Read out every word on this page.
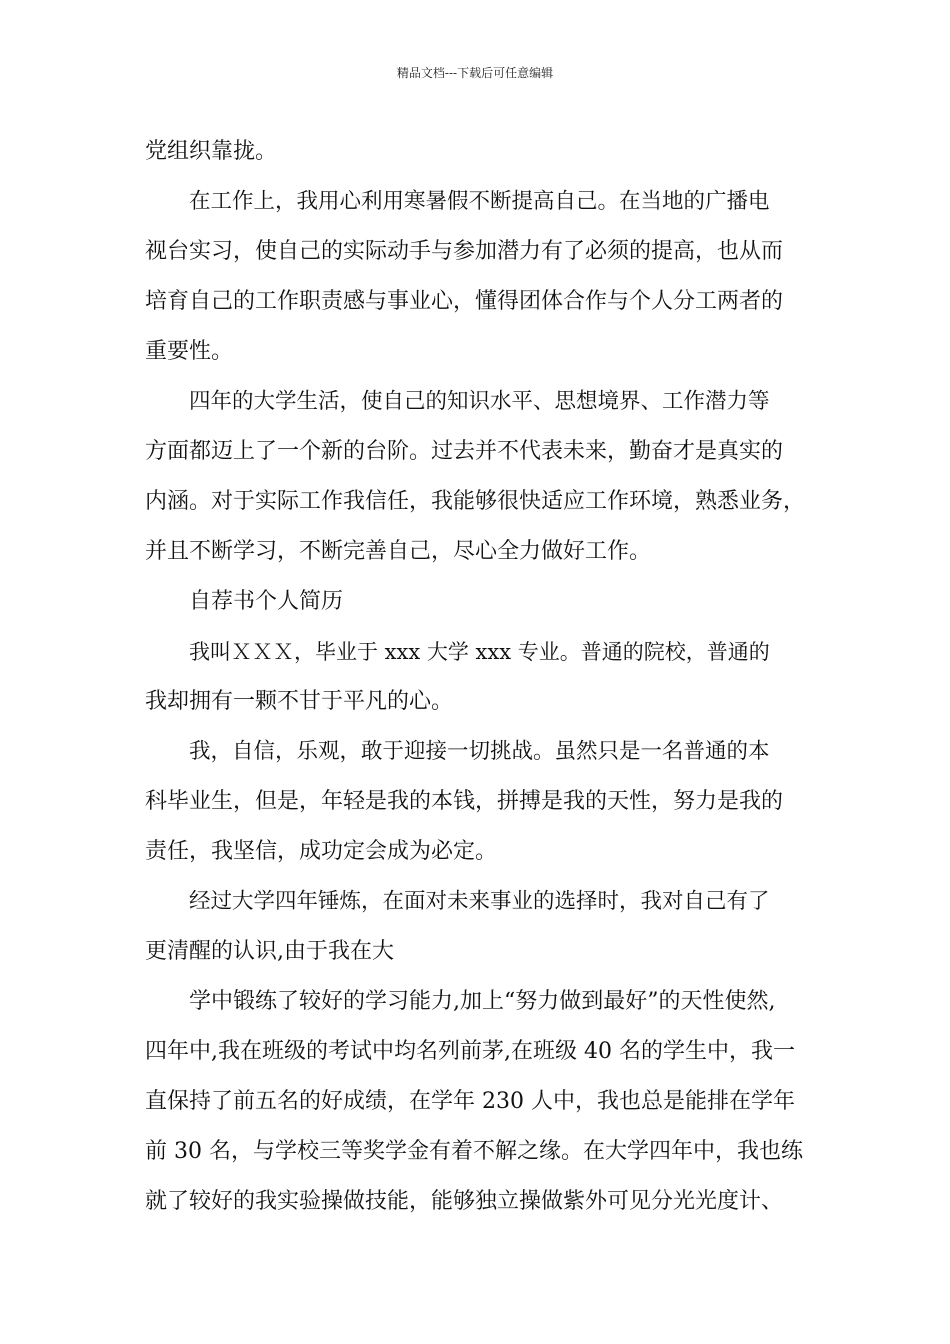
精品文档---下载后可任意编辑
党组织靠拢。
在工作上，我用心利用寒暑假不断提高自己。在当地的广播电
视台实习，使自己的实际动手与参加潜力有了必须的提高，也从而
培育自己的工作职责感与事业心，懂得团体合作与个人分工两者的
重要性。
四年的大学生活，使自己的知识水平、思想境界、工作潜力等
方面都迈上了一个新的台阶。过去并不代表未来，勤奋才是真实的
内涵。对于实际工作我信任，我能够很快适应工作环境，熟悉业务，
并且不断学习，不断完善自己，尽心全力做好工作。
自荐书个人简历
我叫ＸＸＸ，毕业于 xxx 大学 xxx 专业。普通的院校，普通的
我却拥有一颗不甘于平凡的心。
我，自信，乐观，敢于迎接一切挑战。虽然只是一名普通的本
科毕业生，但是，年轻是我的本钱，拼搏是我的天性，努力是我的
责任，我坚信，成功定会成为必定。
经过大学四年锤炼，在面对未来事业的选择时，我对自己有了
更清醒的认识,由于我在大
学中锻练了较好的学习能力,加上“努力做到最好”的天性使然,
四年中,我在班级的考试中均名列前茅,在班级 40 名的学生中，我一
直保持了前五名的好成绩，在学年 230 人中，我也总是能排在学年
前 30 名，与学校三等奖学金有着不解之缘。在大学四年中，我也练
就了较好的我实验操做技能，能够独立操做紫外可见分光光度计、
